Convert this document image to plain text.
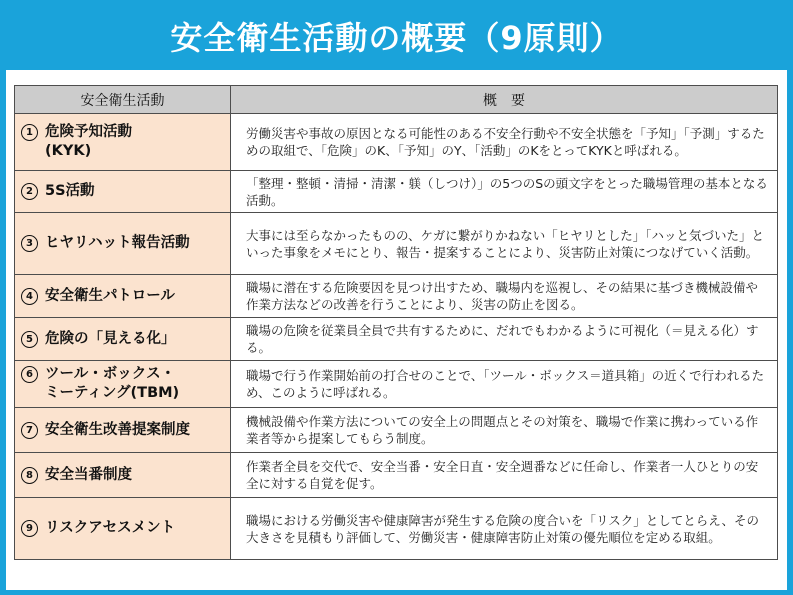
安全衛生活動の概要（9原則）
安全衛生活動	概　要

1 危険予知活動
(KYK)	労働災害や事故の原因となる可能性のある不安全行動や不安全状態を「予知」「予測」するための取組で、「危険」のK、「予知」のY、「活動」のKをとってKYKと呼ばれる。

2 5S活動	「整理・整頓・清掃・清潔・躾（しつけ）」の5つのSの頭文字をとった職場管理の基本となる活動。

3 ヒヤリハット報告活動	大事には至らなかったものの、ケガに繋がりかねない「ヒヤリとした」「ハッと気づいた」といった事象をメモにとり、報告・提案することにより、災害防止対策につなげていく活動。

4 安全衛生パトロール	職場に潜在する危険要因を見つけ出すため、職場内を巡視し、その結果に基づき機械設備や作業方法などの改善を行うことにより、災害の防止を図る。

5 危険の「見える化」	職場の危険を従業員全員で共有するために、だれでもわかるように可視化（＝見える化）する。

6 ツール・ボックス・
ミーティング(TBM)	職場で行う作業開始前の打合せのことで、「ツール・ボックス＝道具箱」の近くで行われるため、このように呼ばれる。

7 安全衛生改善提案制度	機械設備や作業方法についての安全上の問題点とその対策を、職場で作業に携わっている作業者等から提案してもらう制度。

8 安全当番制度	作業者全員を交代で、安全当番・安全日直・安全週番などに任命し、作業者一人ひとりの安全に対する自覚を促す。

9 リスクアセスメント	職場における労働災害や健康障害が発生する危険の度合いを「リスク」としてとらえ、その大きさを見積もり評価して、労働災害・健康障害防止対策の優先順位を定める取組。
